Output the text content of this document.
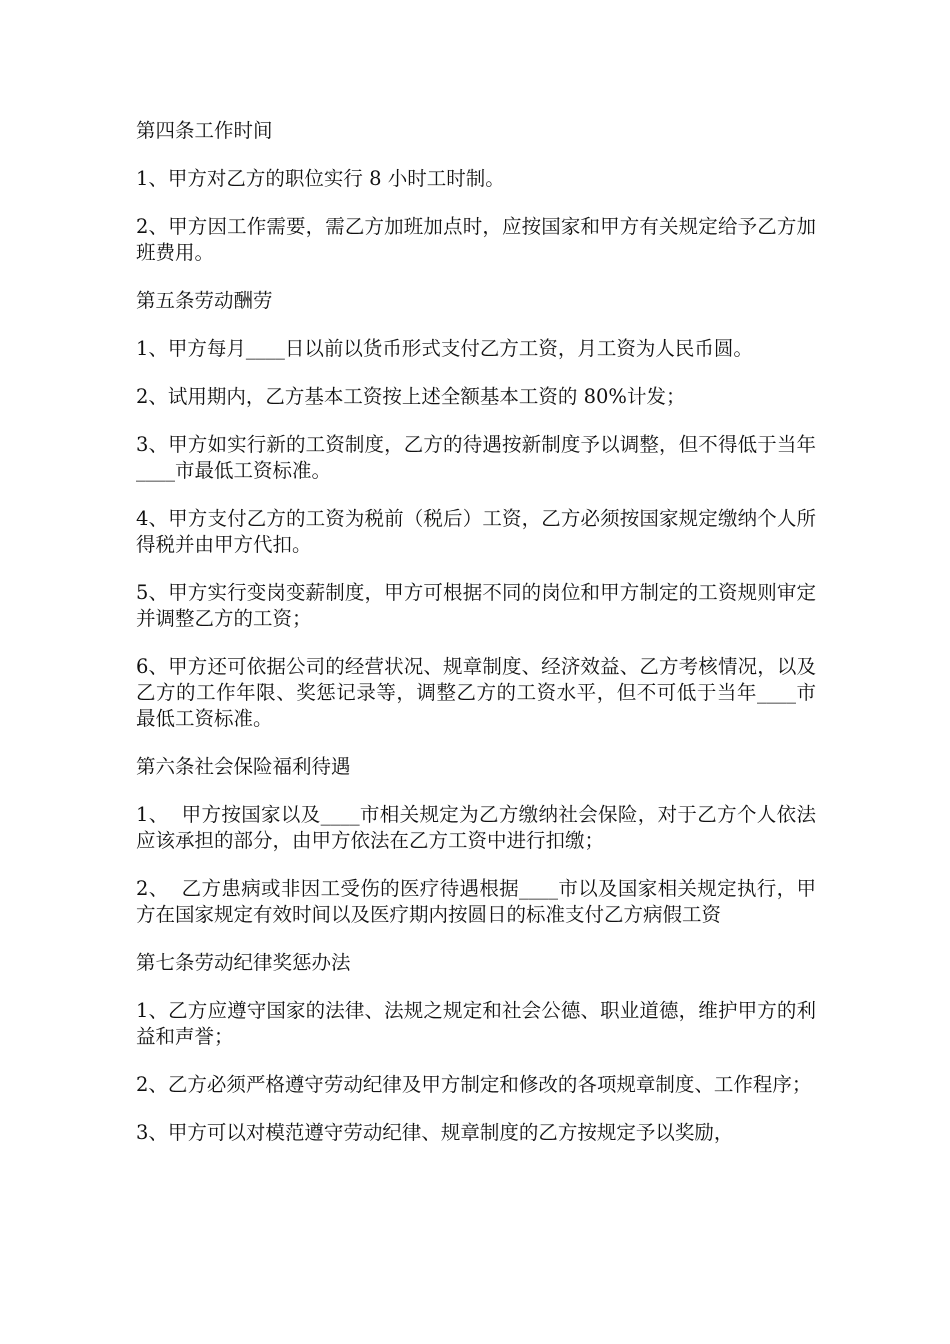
第四条工作时间

1、甲方对乙方的职位实行 8 小时工时制。

2、甲方因工作需要，需乙方加班加点时，应按国家和甲方有关规定给予乙方加班费用。

第五条劳动酬劳

1、甲方每月____日以前以货币形式支付乙方工资，月工资为人民币圆。

2、试用期内，乙方基本工资按上述全额基本工资的 80%计发；

3、甲方如实行新的工资制度，乙方的待遇按新制度予以调整，但不得低于当年____市最低工资标准。

4、甲方支付乙方的工资为税前（税后）工资，乙方必须按国家规定缴纳个人所得税并由甲方代扣。

5、甲方实行变岗变薪制度，甲方可根据不同的岗位和甲方制定的工资规则审定并调整乙方的工资；

6、甲方还可依据公司的经营状况、规章制度、经济效益、乙方考核情况，以及乙方的工作年限、奖惩记录等，调整乙方的工资水平，但不可低于当年____市最低工资标准。

第六条社会保险福利待遇

1、  甲方按国家以及____市相关规定为乙方缴纳社会保险，对于乙方个人依法应该承担的部分，由甲方依法在乙方工资中进行扣缴；

2、  乙方患病或非因工受伤的医疗待遇根据____市以及国家相关规定执行，甲方在国家规定有效时间以及医疗期内按圆日的标准支付乙方病假工资

第七条劳动纪律奖惩办法

1、乙方应遵守国家的法律、法规之规定和社会公德、职业道德，维护甲方的利益和声誉；

2、乙方必须严格遵守劳动纪律及甲方制定和修改的各项规章制度、工作程序；

3、甲方可以对模范遵守劳动纪律、规章制度的乙方按规定予以奖励，
